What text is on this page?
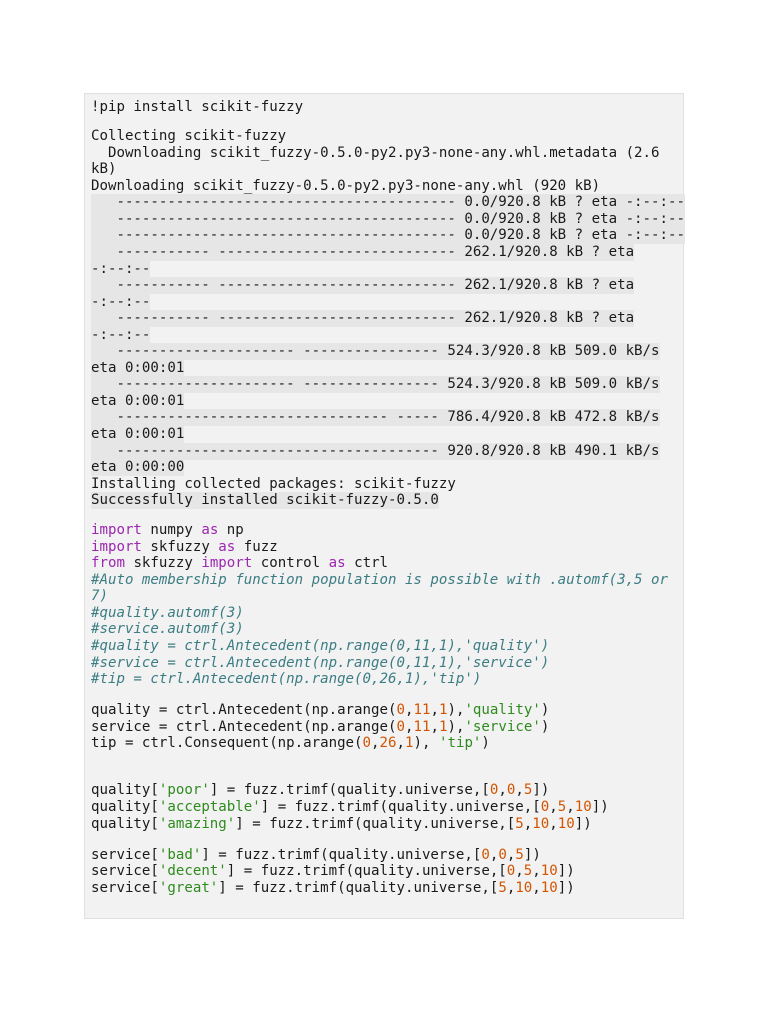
!pip install scikit-fuzzy
Collecting scikit-fuzzy
Downloading scikit_fuzzy-0.5.0-py2.py3-none-any.whl.metadata (2.6
kB)
Downloading scikit_fuzzy-0.5.0-py2.py3-none-any.whl (920 kB)
---------------------------------------- 0.0/920.8 kB ? eta -:--:--
---------------------------------------- 0.0/920.8 kB ? eta -:--:--
---------------------------------------- 0.0/920.8 kB ? eta -:--:--
----------- ---------------------------- 262.1/920.8 kB ? eta
-:--:--
----------- ---------------------------- 262.1/920.8 kB ? eta
-:--:--
----------- ---------------------------- 262.1/920.8 kB ? eta
-:--:--
--------------------- ---------------- 524.3/920.8 kB 509.0 kB/s
eta 0:00:01
--------------------- ---------------- 524.3/920.8 kB 509.0 kB/s
eta 0:00:01
-------------------------------- ----- 786.4/920.8 kB 472.8 kB/s
eta 0:00:01
-------------------------------------- 920.8/920.8 kB 490.1 kB/s
eta 0:00:00
Installing collected packages: scikit-fuzzy
Successfully installed scikit-fuzzy-0.5.0
import numpy as np
import skfuzzy as fuzz
from skfuzzy import control as ctrl
#Auto membership function population is possible with .automf(3,5 or
7)
#quality.automf(3)
#service.automf(3)
#quality = ctrl.Antecedent(np.range(0,11,1),'quality')
#service = ctrl.Antecedent(np.range(0,11,1),'service')
#tip = ctrl.Antecedent(np.range(0,26,1),'tip')
quality = ctrl.Antecedent(np.arange(0,11,1),'quality')
service = ctrl.Antecedent(np.arange(0,11,1),'service')
tip = ctrl.Consequent(np.arange(0,26,1), 'tip')
quality['poor'] = fuzz.trimf(quality.universe,[0,0,5])
quality['acceptable'] = fuzz.trimf(quality.universe,[0,5,10])
quality['amazing'] = fuzz.trimf(quality.universe,[5,10,10])
service['bad'] = fuzz.trimf(quality.universe,[0,0,5])
service['decent'] = fuzz.trimf(quality.universe,[0,5,10])
service['great'] = fuzz.trimf(quality.universe,[5,10,10])
